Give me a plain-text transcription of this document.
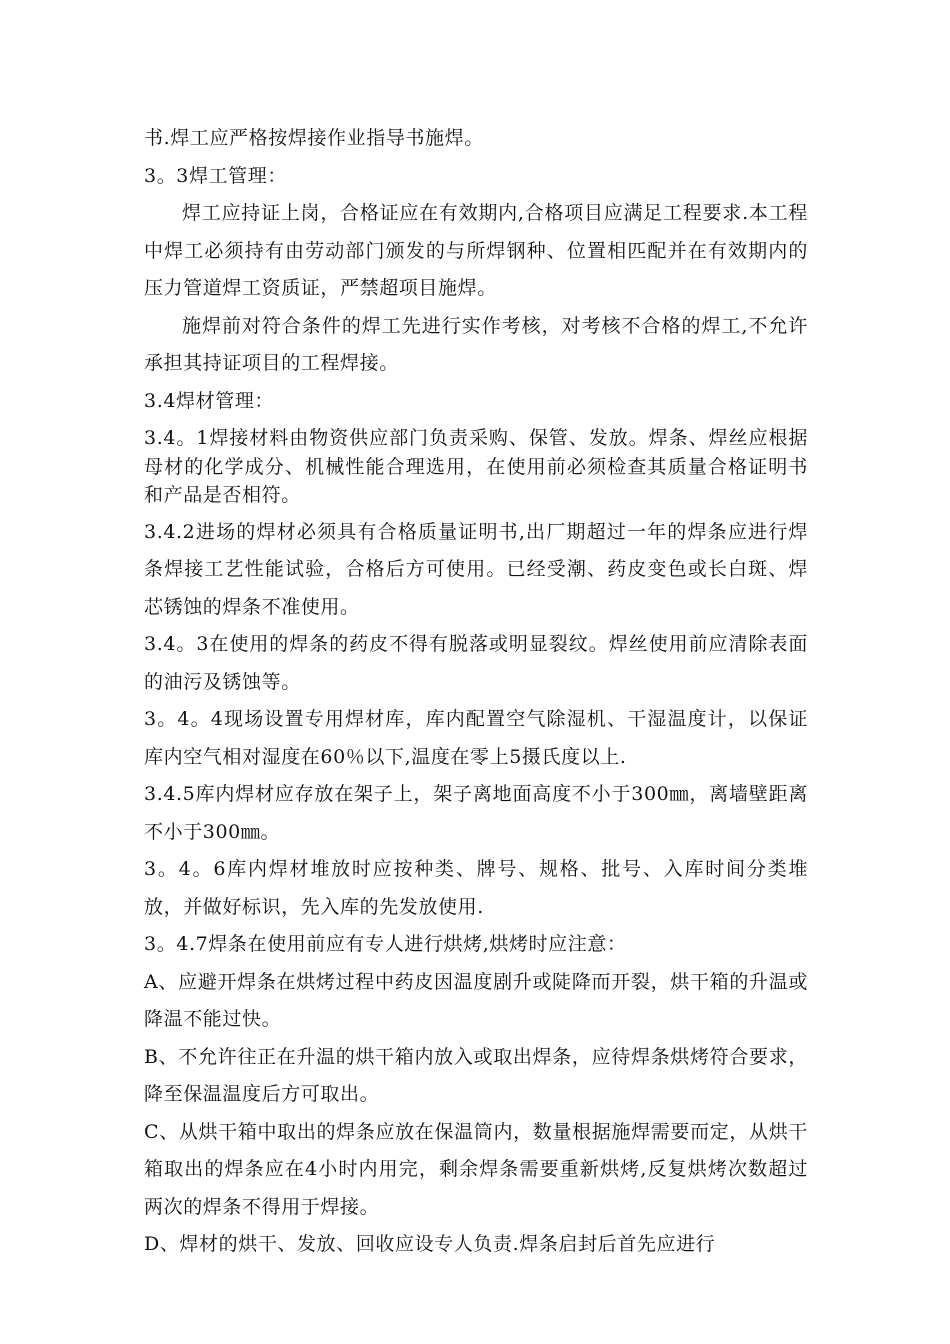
书.焊工应严格按焊接作业指导书施焊。

3。3焊工管理：

焊工应持证上岗，合格证应在有效期内,合格项目应满足工程要求.本工程中焊工必须持有由劳动部门颁发的与所焊钢种、位置相匹配并在有效期内的压力管道焊工资质证，严禁超项目施焊。

施焊前对符合条件的焊工先进行实作考核，对考核不合格的焊工,不允许承担其持证项目的工程焊接。

3.4焊材管理：

3.4。1焊接材料由物资供应部门负责采购、保管、发放。焊条、焊丝应根据母材的化学成分、机械性能合理选用，在使用前必须检查其质量合格证明书和产品是否相符。

3.4.2进场的焊材必须具有合格质量证明书,出厂期超过一年的焊条应进行焊条焊接工艺性能试验，合格后方可使用。已经受潮、药皮变色或长白斑、焊芯锈蚀的焊条不准使用。

3.4。3在使用的焊条的药皮不得有脱落或明显裂纹。焊丝使用前应清除表面的油污及锈蚀等。

3。4。4现场设置专用焊材库，库内配置空气除湿机、干湿温度计，以保证库内空气相对湿度在60％以下,温度在零上5摄氏度以上.

3.4.5库内焊材应存放在架子上，架子离地面高度不小于300㎜，离墙壁距离不小于300㎜。

3。4。6库内焊材堆放时应按种类、牌号、规格、批号、入库时间分类堆放，并做好标识，先入库的先发放使用.

3。4.7焊条在使用前应有专人进行烘烤,烘烤时应注意：

A、应避开焊条在烘烤过程中药皮因温度剧升或陡降而开裂，烘干箱的升温或降温不能过快。

B、不允许往正在升温的烘干箱内放入或取出焊条，应待焊条烘烤符合要求，降至保温温度后方可取出。

C、从烘干箱中取出的焊条应放在保温筒内，数量根据施焊需要而定，从烘干箱取出的焊条应在4小时内用完，剩余焊条需要重新烘烤,反复烘烤次数超过两次的焊条不得用于焊接。

D、焊材的烘干、发放、回收应设专人负责.焊条启封后首先应进行
